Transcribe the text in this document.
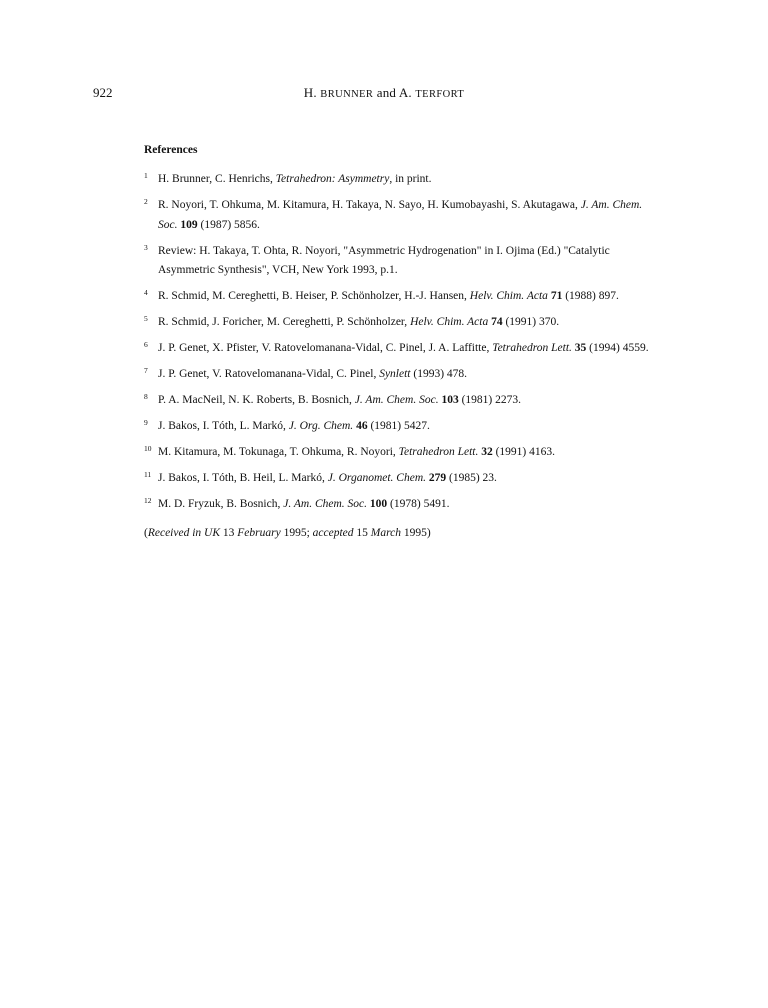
922	H. BRUNNER and A. TERFORT
References
1 H. Brunner, C. Henrichs, Tetrahedron: Asymmetry, in print.
2 R. Noyori, T. Ohkuma, M. Kitamura, H. Takaya, N. Sayo, H. Kumobayashi, S. Akutagawa, J. Am. Chem. Soc. 109 (1987) 5856.
3 Review: H. Takaya, T. Ohta, R. Noyori, "Asymmetric Hydrogenation" in I. Ojima (Ed.) "Catalytic Asymmetric Synthesis", VCH, New York 1993, p.1.
4 R. Schmid, M. Cereghetti, B. Heiser, P. Schönholzer, H.-J. Hansen, Helv. Chim. Acta 71 (1988) 897.
5 R. Schmid, J. Foricher, M. Cereghetti, P. Schönholzer, Helv. Chim. Acta 74 (1991) 370.
6 J. P. Genet, X. Pfister, V. Ratovelomanana-Vidal, C. Pinel, J. A. Laffitte, Tetrahedron Lett. 35 (1994) 4559.
7 J. P. Genet, V. Ratovelomanana-Vidal, C. Pinel, Synlett (1993) 478.
8 P. A. MacNeil, N. K. Roberts, B. Bosnich, J. Am. Chem. Soc. 103 (1981) 2273.
9 J. Bakos, I. Tóth, L. Markó, J. Org. Chem. 46 (1981) 5427.
10 M. Kitamura, M. Tokunaga, T. Ohkuma, R. Noyori, Tetrahedron Lett. 32 (1991) 4163.
11 J. Bakos, I. Tóth, B. Heil, L. Markó, J. Organomet. Chem. 279 (1985) 23.
12 M. D. Fryzuk, B. Bosnich, J. Am. Chem. Soc. 100 (1978) 5491.
(Received in UK 13 February 1995; accepted 15 March 1995)
